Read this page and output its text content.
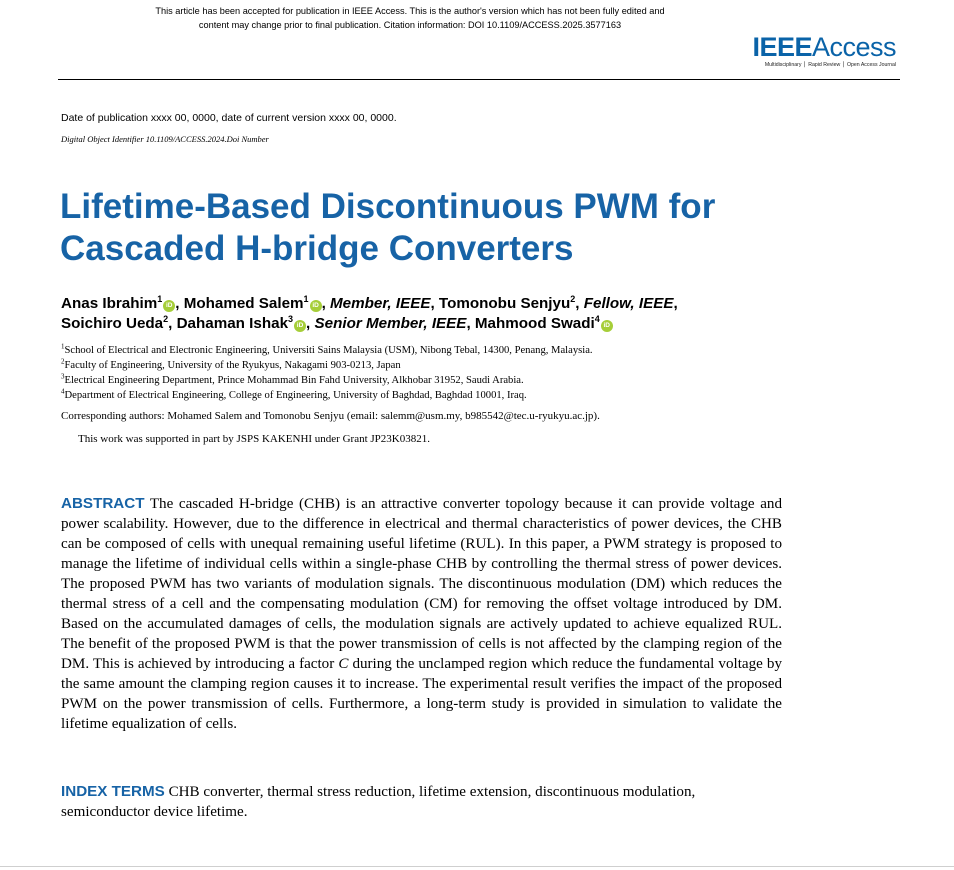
This article has been accepted for publication in IEEE Access. This is the author's version which has not been fully edited and
content may change prior to final publication. Citation information: DOI 10.1109/ACCESS.2025.3577163
IEEEAccess
Multidisciplinary ⎪ Rapid Review ⎪ Open Access Journal
Date of publication xxxx 00, 0000, date of current version xxxx 00, 0000.
Digital Object Identifier 10.1109/ACCESS.2024.Doi Number
Lifetime-Based Discontinuous PWM for
Cascaded H-bridge Converters
Anas Ibrahim$^1$iD , Mohamed Salem$^1$iD , Member, IEEE, Tomonobu Senjyu$^2$, Fellow, IEEE,
Soichiro Ueda$^2$, Dahaman Ishak$^3$iD , Senior Member, IEEE, Mahmood Swadi$^4$iD
$^1$School of Electrical and Electronic Engineering, Universiti Sains Malaysia (USM), Nibong Tebal, 14300, Penang, Malaysia.
$^2$Faculty of Engineering, University of the Ryukyus, Nakagami 903-0213, Japan
$^3$Electrical Engineering Department, Prince Mohammad Bin Fahd University, Alkhobar 31952, Saudi Arabia.
$^4$Department of Electrical Engineering, College of Engineering, University of Baghdad, Baghdad 10001, Iraq.
Corresponding authors: Mohamed Salem and Tomonobu Senjyu (email: salemm@usm.my, b985542@tec.u-ryukyu.ac.jp).
This work was supported in part by JSPS KAKENHI under Grant JP23K03821.

ABSTRACT The cascaded H-bridge (CHB) is an attractive converter topology because it can provide voltage and power scalability. However, due to the difference in electrical and thermal characteristics of power devices, the CHB can be composed of cells with unequal remaining useful lifetime (RUL). In this paper, a PWM strategy is proposed to manage the lifetime of individual cells within a single-phase CHB by controlling the thermal stress of power devices. The proposed PWM has two variants of modulation signals. The discontinuous modulation (DM) which reduces the thermal stress of a cell and the compensating modulation (CM) for removing the offset voltage introduced by DM. Based on the accumulated damages of cells, the modulation signals are actively updated to achieve equalized RUL. The benefit of the proposed PWM is that the power transmission of cells is not affected by the clamping region of the DM. This is achieved by introducing a factor C during the unclamped region which reduce the fundamental voltage by the same amount the clamping region causes it to increase. The experimental result verifies the impact of the proposed PWM on the power transmission of cells. Furthermore, a long-term study is provided in simulation to validate the lifetime equalization of cells.

INDEX TERMS CHB converter, thermal stress reduction, lifetime extension, discontinuous modulation, semiconductor device lifetime.
